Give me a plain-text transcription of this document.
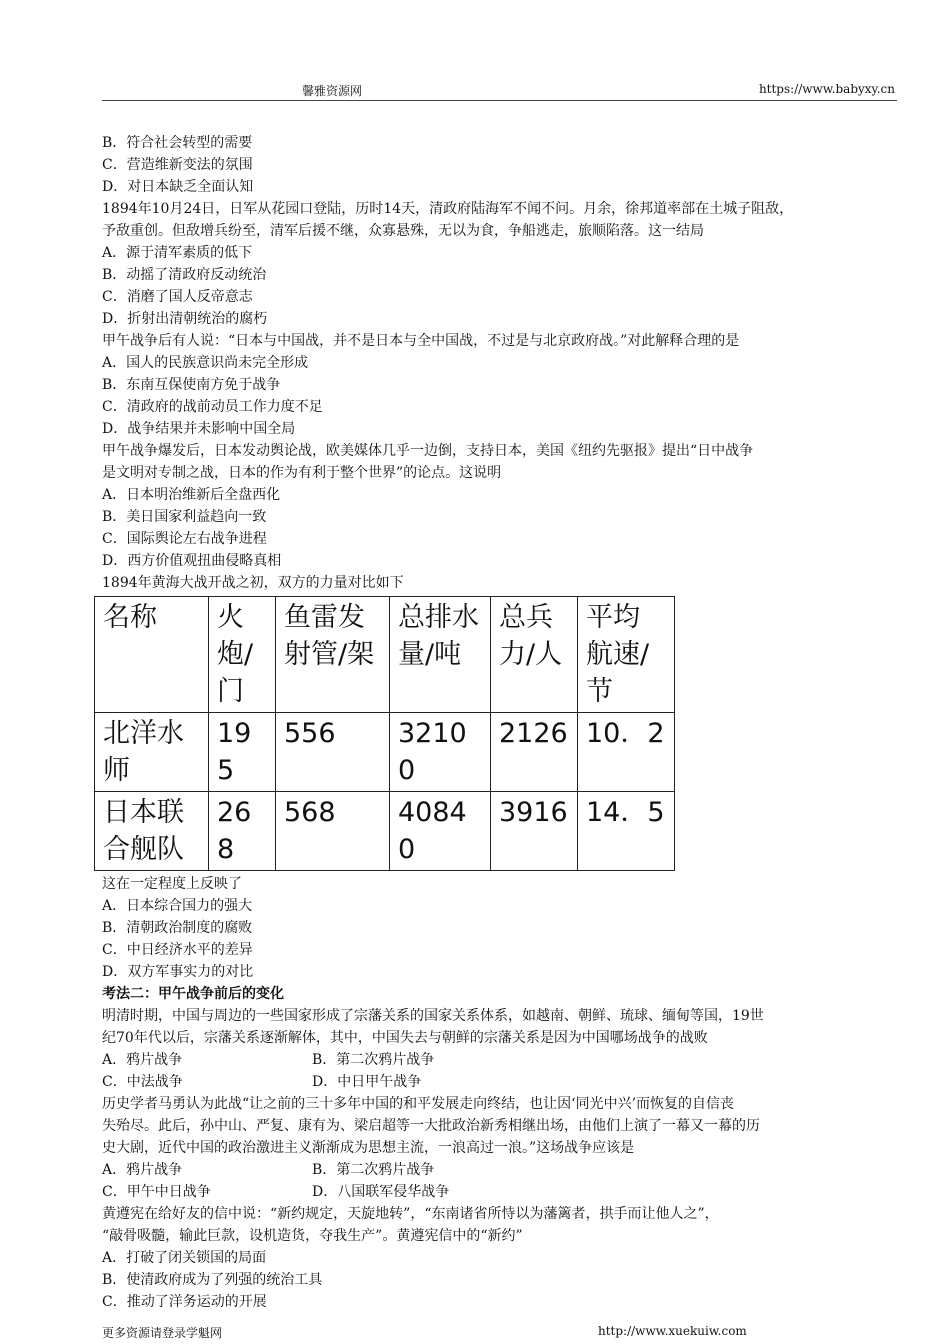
馨雅资源网	https://www.babyxy.cn
B．符合社会转型的需要
C．营造维新变法的氛围
D．对日本缺乏全面认知
1894年10月24日，日军从花园口登陆，历时14天，清政府陆海军不闻不问。月余，徐邦道率部在土城子阻敌，
予敌重创。但敌增兵纷至，清军后援不继，众寡悬殊，无以为食，争船逃走，旅顺陷落。这一结局
A．源于清军素质的低下
B．动摇了清政府反动统治
C．消磨了国人反帝意志
D．折射出清朝统治的腐朽
甲午战争后有人说：“日本与中国战，并不是日本与全中国战，不过是与北京政府战。”对此解释合理的是
A．国人的民族意识尚未完全形成
B．东南互保使南方免于战争
C．清政府的战前动员工作力度不足
D．战争结果并未影响中国全局
甲午战争爆发后，日本发动舆论战，欧美媒体几乎一边倒，支持日本，美国《纽约先驱报》提出“日中战争
是文明对专制之战，日本的作为有利于整个世界”的论点。这说明
A．日本明治维新后全盘西化
B．美日国家利益趋向一致
C．国际舆论左右战争进程
D．西方价值观扭曲侵略真相
1894年黄海大战开战之初，双方的力量对比如下
名称	火炮/门	鱼雷发射管/架	总排水量/吨	总兵力/人	平均航速/节
北洋水师	195	556	32100	2126	10．2
日本联合舰队	268	568	40840	3916	14．5
这在一定程度上反映了
A．日本综合国力的强大
B．清朝政治制度的腐败
C．中日经济水平的差异
D．双方军事实力的对比
考法二：甲午战争前后的变化
明清时期，中国与周边的一些国家形成了宗藩关系的国家关系体系，如越南、朝鲜、琉球、缅甸等国，19世
纪70年代以后，宗藩关系逐渐解体，其中，中国失去与朝鲜的宗藩关系是因为中国哪场战争的战败
A．鸦片战争	B．第二次鸦片战争
C．中法战争	D．中日甲午战争
历史学者马勇认为此战“让之前的三十多年中国的和平发展走向终结，也让因‘同光中兴’而恢复的自信丧
失殆尽。此后，孙中山、严复、康有为、梁启超等一大批政治新秀相继出场，由他们上演了一幕又一幕的历
史大剧，近代中国的政治激进主义渐渐成为思想主流，一浪高过一浪。”这场战争应该是
A．鸦片战争	B．第二次鸦片战争
C．甲午中日战争	D．八国联军侵华战争
黄遵宪在给好友的信中说：“新约规定，天旋地转”，“东南诸省所恃以为藩篱者，拱手而让他人之”，
“敲骨吸髓，输此巨款，设机造货，夺我生产”。黄遵宪信中的“新约”
A．打破了闭关锁国的局面
B．使清政府成为了列强的统治工具
C．推动了洋务运动的开展
更多资源请登录学魁网	http://www.xuekuiw.com
